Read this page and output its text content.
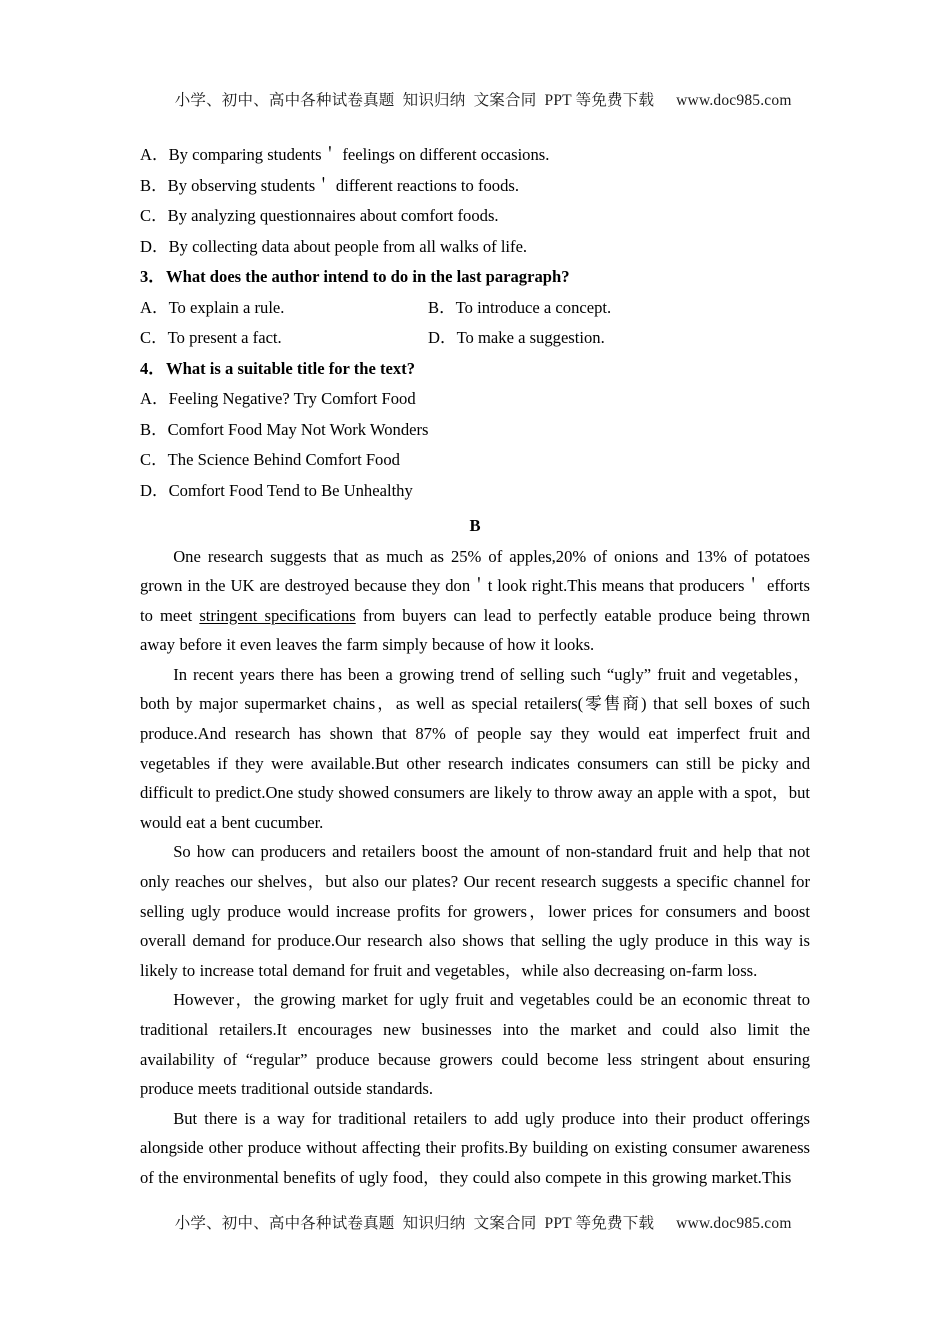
小学、初中、高中各种试卷真题  知识归纳  文案合同  PPT 等免费下载 www.doc985.com

A．By comparing students＇ feelings on different occasions.
B．By observing students＇ different reactions to foods.
C．By analyzing questionnaires about comfort foods.
D．By collecting data about people from all walks of life.
3．What does the author intend to do in the last paragraph?
A．To explain a rule.	B．To introduce a concept.
C．To present a fact.	D．To make a suggestion.
4．What is a suitable title for the text?
A．Feeling Negative? Try Comfort Food
B．Comfort Food May Not Work Wonders
C．The Science Behind Comfort Food
D．Comfort Food Tend to Be Unhealthy
B

One research suggests that as much as 25% of apples,20% of onions and 13% of potatoes grown in the UK are destroyed because they don＇t look right.This means that producers＇ efforts to meet stringent specifications from buyers can lead to perfectly eatable produce being thrown away before it even leaves the farm simply because of how it looks.

In recent years there has been a growing trend of selling such “ugly” fruit and vegetables，both by major supermarket chains，as well as special retailers(零售商) that sell boxes of such produce.And research has shown that 87% of people say they would eat imperfect fruit and vegetables if they were available.But other research indicates consumers can still be picky and difficult to predict.One study showed consumers are likely to throw away an apple with a spot，but would eat a bent cucumber.

So how can producers and retailers boost the amount of non-standard fruit and help that not only reaches our shelves，but also our plates? Our recent research suggests a specific channel for selling ugly produce would increase profits for growers，lower prices for consumers and boost overall demand for produce.Our research also shows that selling the ugly produce in this way is likely to increase total demand for fruit and vegetables，while also decreasing on-farm loss.

However，the growing market for ugly fruit and vegetables could be an economic threat to traditional retailers.It encourages new businesses into the market and could also limit the availability of “regular” produce because growers could become less stringent about ensuring produce meets traditional outside standards.

But there is a way for traditional retailers to add ugly produce into their product offerings alongside other produce without affecting their profits.By building on existing consumer awareness of the environmental benefits of ugly food，they could also compete in this growing market.This

小学、初中、高中各种试卷真题  知识归纳  文案合同  PPT 等免费下载 www.doc985.com
